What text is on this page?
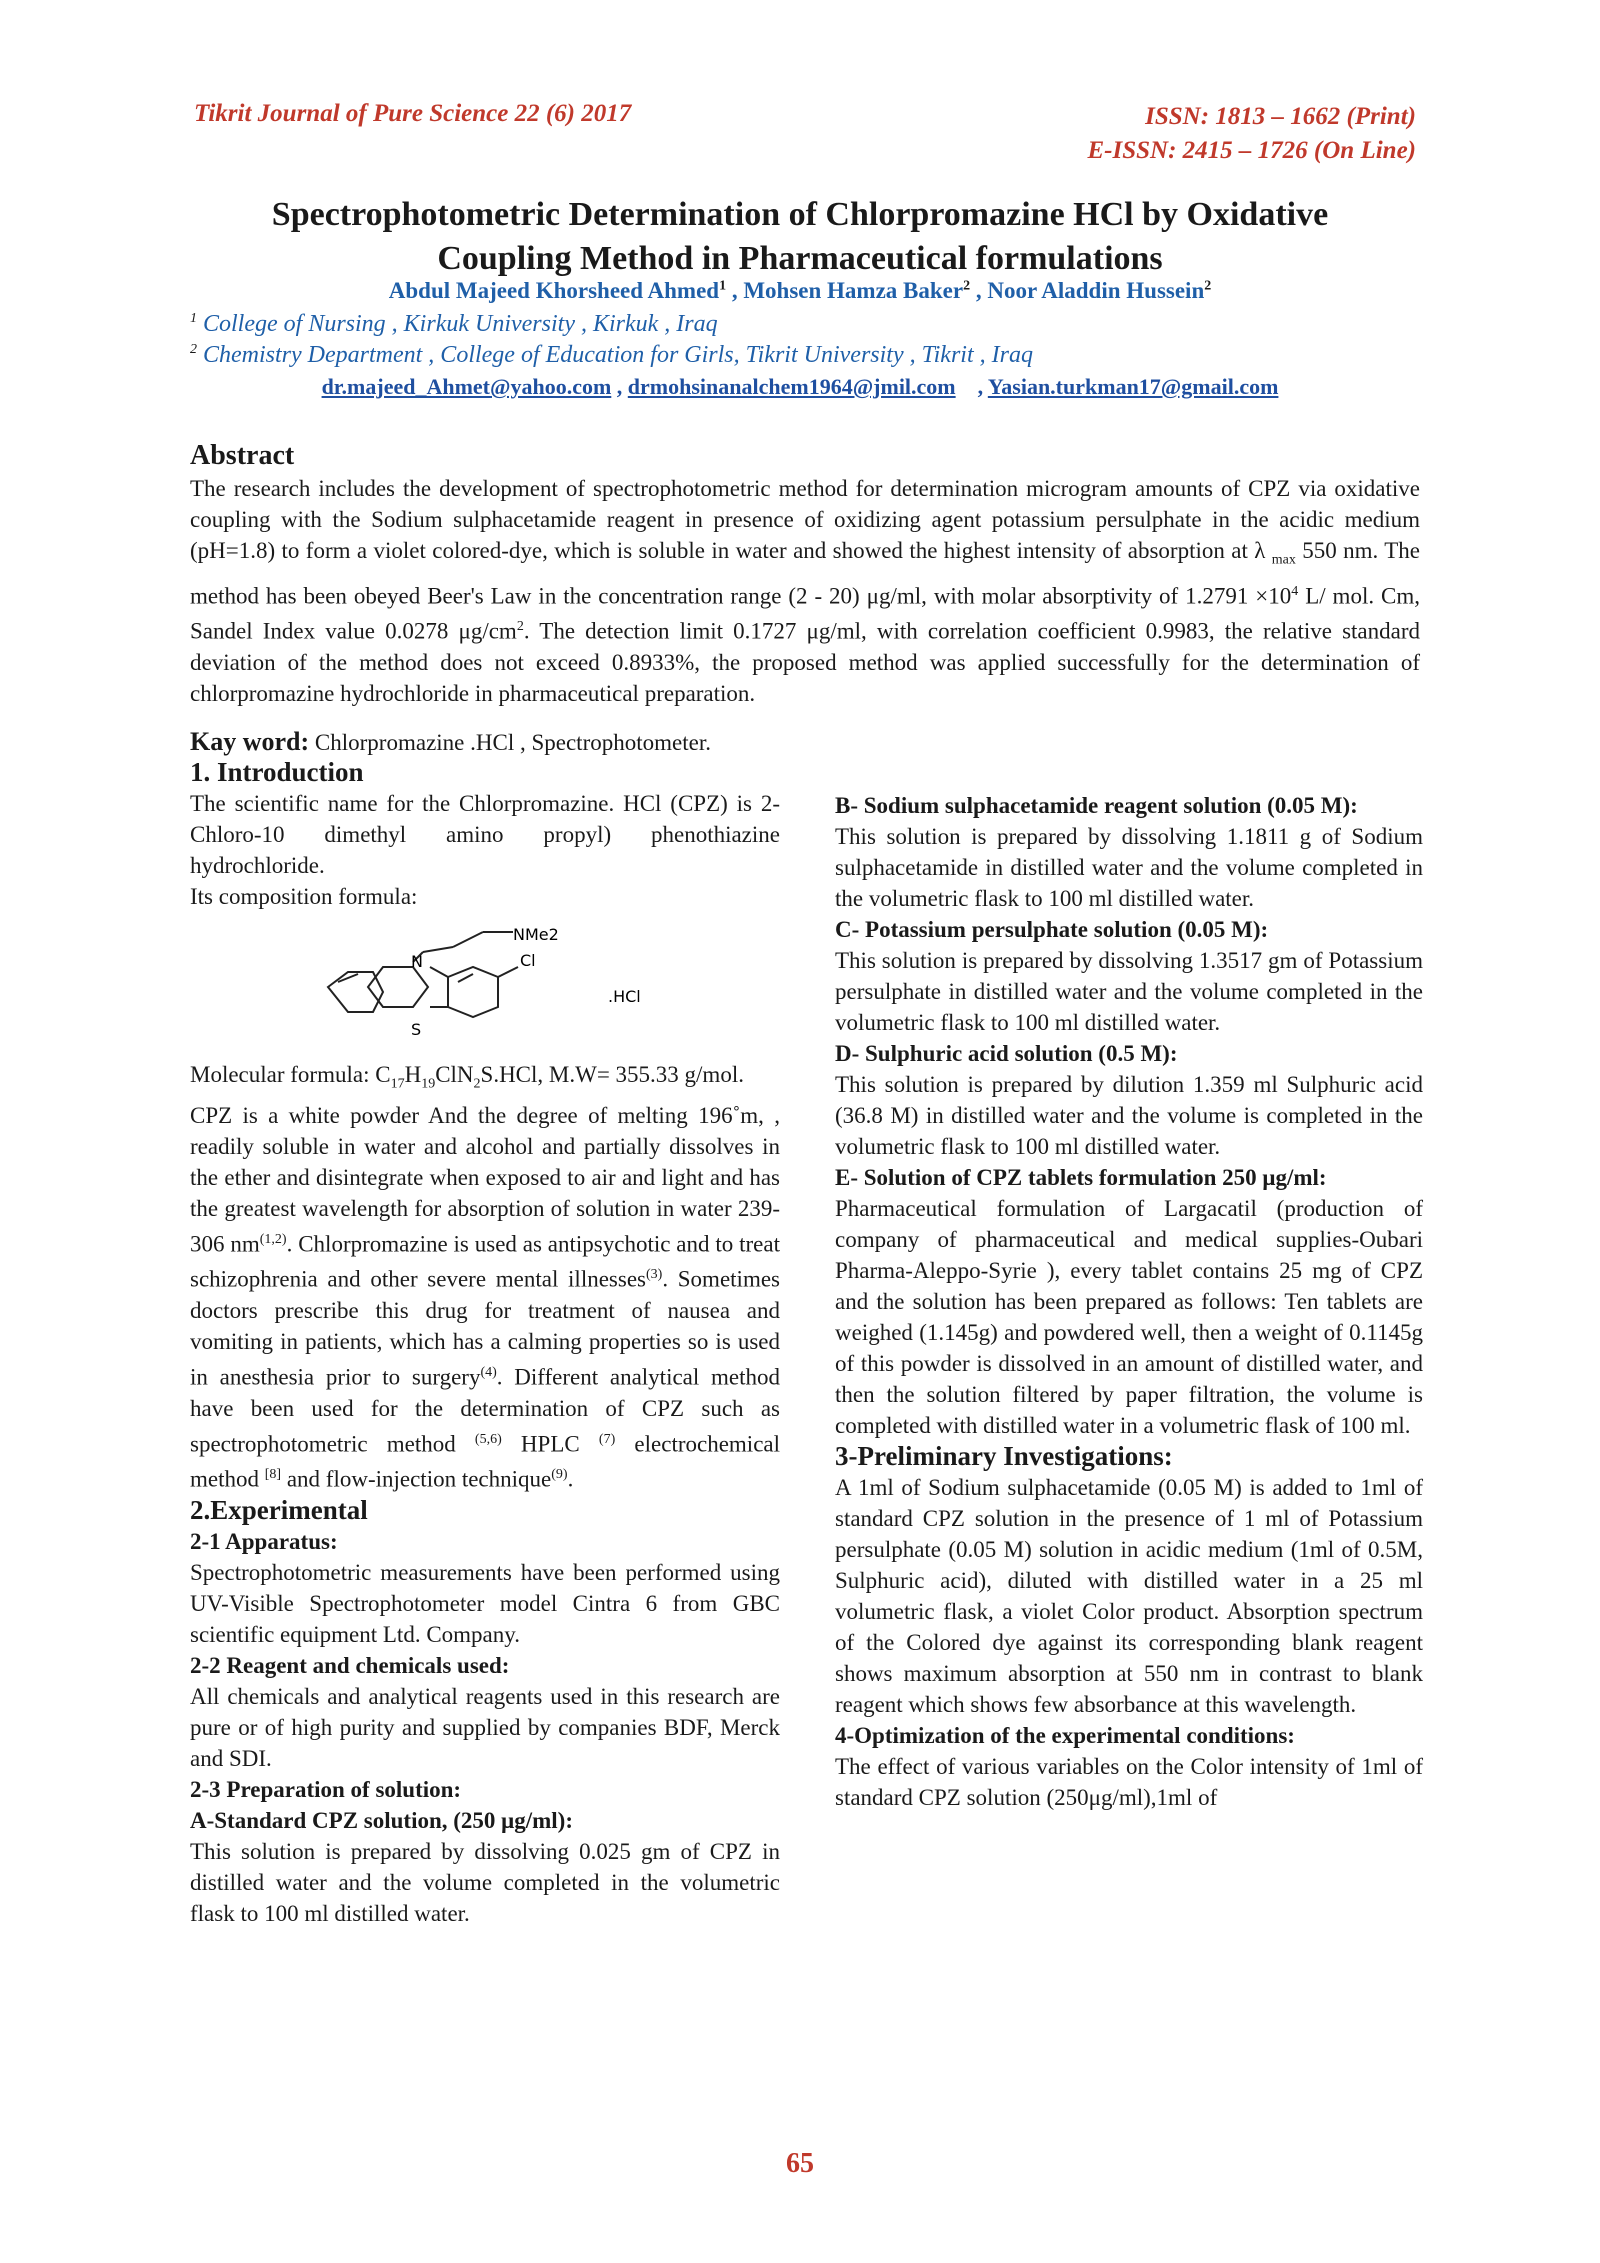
Tikrit Journal of Pure Science 22 (6) 2017	ISSN: 1813 – 1662 (Print)
E-ISSN: 2415 – 1726 (On Line)
Spectrophotometric Determination of Chlorpromazine HCl by Oxidative
Coupling Method in Pharmaceutical formulations
Abdul Majeed Khorsheed Ahmed$^1$ , Mohsen Hamza Baker$^2$ , Noor Aladdin Hussein$^2$
$^1$ College of Nursing , Kirkuk University , Kirkuk , Iraq
$^2$ Chemistry Department , College of Education for Girls, Tikrit University , Tikrit , Iraq
dr.majeed_Ahmet@yahoo.com , drmohsinanalchem1964@jmil.com    , Yasian.turkman17@gmail.com
Abstract
The research includes the development of spectrophotometric method for determination microgram amounts of CPZ via oxidative coupling with the Sodium sulphacetamide reagent in presence of oxidizing agent potassium persulphate in the acidic medium (pH=1.8) to form a violet colored-dye, which is soluble in water and showed the highest intensity of absorption at λ $_{max}$ 550 nm. The method has been obeyed Beer's Law in the concentration range (2 - 20) μg/ml, with molar absorptivity of $1.2791 \times 10^4$ L/ mol. Cm, Sandel Index value 0.0278 $\mu g/cm^2$. The detection limit 0.1727 μg/ml, with correlation coefficient 0.9983, the relative standard deviation of the method does not exceed 0.8933%, the proposed method was applied successfully for the determination of chlorpromazine hydrochloride in pharmaceutical preparation.
Kay word: Chlorpromazine .HCl , Spectrophotometer.
1. Introduction

The scientific name for the Chlorpromazine. HCl (CPZ) is 2-Chloro-10 dimethyl amino propyl) phenothiazine hydrochloride.

Its composition formula:

NMe2
N
S
Cl
.HCl

Molecular formula: $C_{17}H_{19}ClN_2S.HCl$, M.W= 355.33 g/mol.

CPZ is a white powder And the degree of melting 196˚m, , readily soluble in water and alcohol and partially dissolves in the ether and disintegrate when exposed to air and light and has the greatest wavelength for absorption of solution in water 239-306 nm$^{(1,2)}$. Chlorpromazine is used as antipsychotic and to treat schizophrenia and other severe mental illnesses$^{(3)}$. Sometimes doctors prescribe this drug for treatment of nausea and vomiting in patients, which has a calming properties so is used in anesthesia prior to surgery$^{(4)}$. Different analytical method have been used for the determination of CPZ such as spectrophotometric method $^{(5,6)}$ HPLC $^{(7)}$ electrochemical method [8] and flow-injection technique$^{(9)}$.

2.Experimental
2-1 Apparatus:

Spectrophotometric measurements have been performed using UV-Visible Spectrophotometer model Cintra 6 from GBC scientific equipment Ltd. Company.

2-2 Reagent and chemicals used:

All chemicals and analytical reagents used in this research are pure or of high purity and supplied by companies BDF, Merck and SDI.

2-3 Preparation of solution:
A-Standard CPZ solution, (250 μg/ml):

This solution is prepared by dissolving 0.025 gm of CPZ in distilled water and the volume completed in the volumetric flask to 100 ml distilled water.

B- Sodium sulphacetamide reagent solution (0.05 M):

This solution is prepared by dissolving 1.1811 g of Sodium sulphacetamide in distilled water and the volume completed in the volumetric flask to 100 ml distilled water.

C- Potassium persulphate solution (0.05 M):

This solution is prepared by dissolving 1.3517 gm of Potassium persulphate in distilled water and the volume completed in the volumetric flask to 100 ml distilled water.

D- Sulphuric acid solution (0.5 M):

This solution is prepared by dilution 1.359 ml Sulphuric acid (36.8 M) in distilled water and the volume is completed in the volumetric flask to 100 ml distilled water.

E- Solution of CPZ tablets formulation 250 μg/ml:

Pharmaceutical formulation of Largacatil (production of company of pharmaceutical and medical supplies-Oubari Pharma-Aleppo-Syrie ), every tablet contains 25 mg of CPZ and the solution has been prepared as follows: Ten tablets are weighed (1.145g) and powdered well, then a weight of 0.1145g of this powder is dissolved in an amount of distilled water, and then the solution filtered by paper filtration, the volume is completed with distilled water in a volumetric flask of 100 ml.

3-Preliminary Investigations:

A 1ml of Sodium sulphacetamide (0.05 M) is added to 1ml of standard CPZ solution in the presence of 1 ml of Potassium persulphate (0.05 M) solution in acidic medium (1ml of 0.5M, Sulphuric acid), diluted with distilled water in a 25 ml volumetric flask, a violet Color product. Absorption spectrum of the Colored dye against its corresponding blank reagent shows maximum absorption at 550 nm in contrast to blank reagent which shows few absorbance at this wavelength.

4-Optimization of the experimental conditions:

The effect of various variables on the Color intensity of 1ml of standard CPZ solution (250μg/ml),1ml of

65
